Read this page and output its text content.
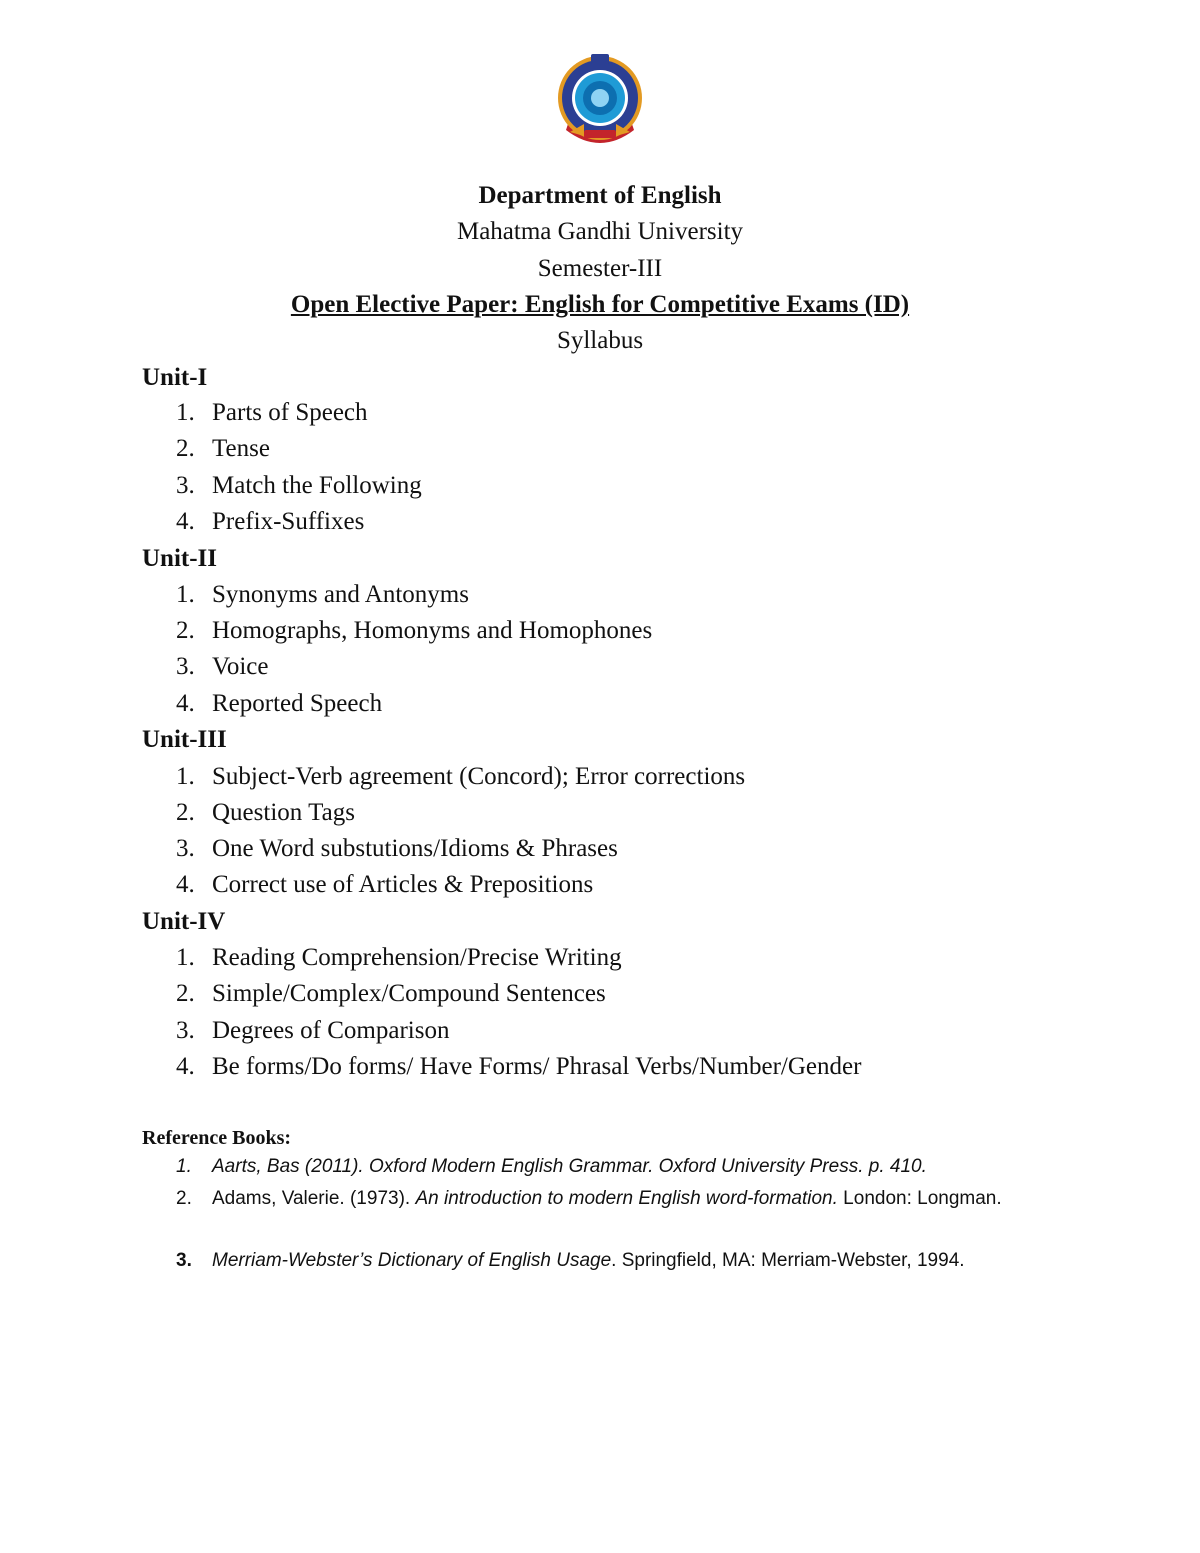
Department of English
Mahatma Gandhi University
Semester-III
Open Elective Paper: English for Competitive Exams (ID)
Syllabus
Unit-I
1. Parts of Speech
2. Tense
3. Match the Following
4. Prefix-Suffixes
Unit-II
1. Synonyms and Antonyms
2. Homographs, Homonyms and Homophones
3. Voice
4. Reported Speech
Unit-III
1. Subject-Verb agreement (Concord); Error corrections
2. Question Tags
3. One Word substutions/Idioms & Phrases
4. Correct use of Articles & Prepositions
Unit-IV
1. Reading Comprehension/Precise Writing
2. Simple/Complex/Compound Sentences
3. Degrees of Comparison
4. Be forms/Do forms/ Have Forms/ Phrasal Verbs/Number/Gender
Reference Books:
1. Aarts, Bas (2011). Oxford Modern English Grammar. Oxford University Press. p. 410.
2. Adams, Valerie. (1973). An introduction to modern English word-formation. London: Longman.
3. Merriam-Webster’s Dictionary of English Usage. Springfield, MA: Merriam-Webster, 1994.
